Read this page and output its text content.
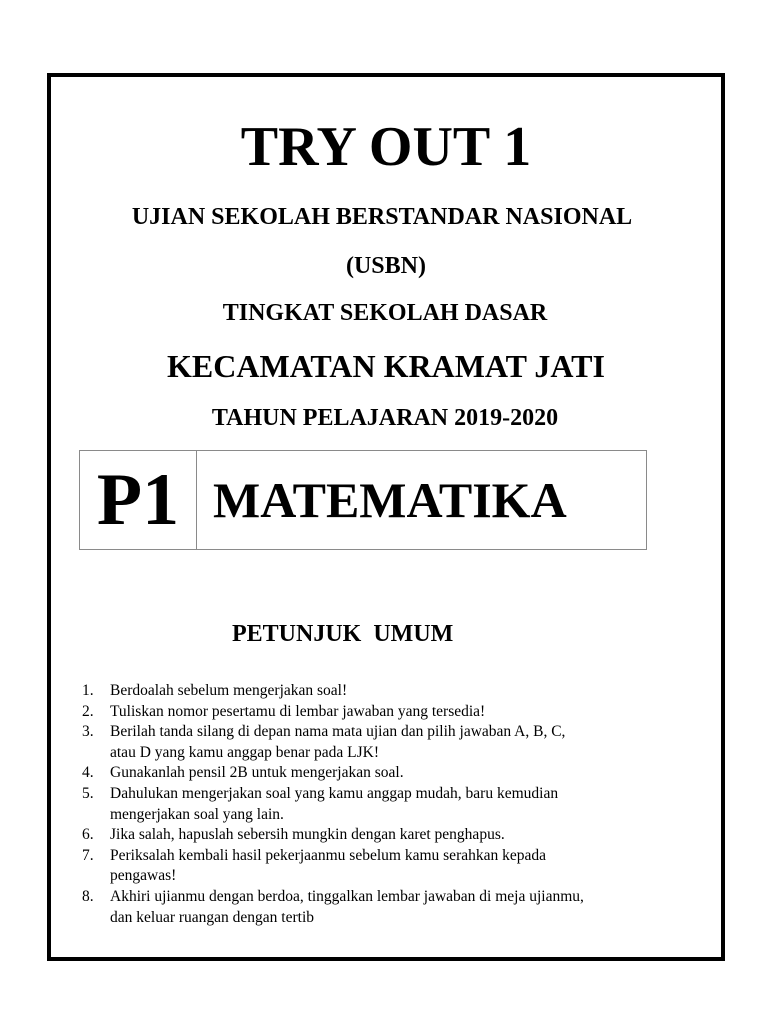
TRY OUT 1
UJIAN SEKOLAH BERSTANDAR NASIONAL
(USBN)
TINGKAT SEKOLAH DASAR
KECAMATAN KRAMAT JATI
TAHUN PELAJARAN 2019-2020
P1 MATEMATIKA
PETUNJUK  UMUM
1.	Berdoalah sebelum mengerjakan soal!
2.	Tuliskan nomor pesertamu di lembar jawaban yang tersedia!
3.	Berilah tanda silang di depan nama mata ujian dan pilih jawaban A, B, C,
atau D yang kamu anggap benar pada LJK!
4.	Gunakanlah pensil 2B untuk mengerjakan soal.
5.	Dahulukan mengerjakan soal yang kamu anggap mudah, baru kemudian
mengerjakan soal yang lain.
6.	Jika salah, hapuslah sebersih mungkin dengan karet penghapus.
7.	Periksalah kembali hasil pekerjaanmu sebelum kamu serahkan kepada
pengawas!
8.	Akhiri ujianmu dengan berdoa, tinggalkan lembar jawaban di meja ujianmu,
dan keluar ruangan dengan tertib
